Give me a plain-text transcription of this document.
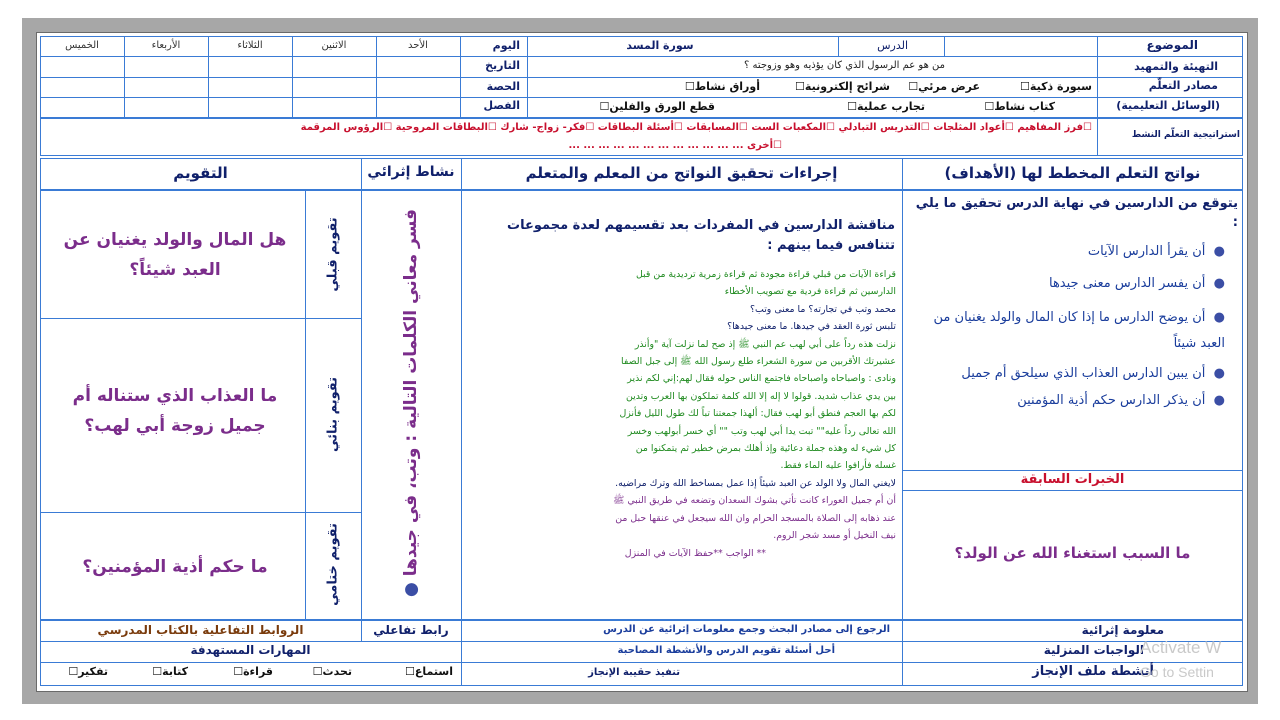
الموضوع
الدرس
سورة المسد
اليوم
الأحد
الاثنين
الثلاثاء
الأربعاء
الخميس
التهيئة والتمهيد
من هو عم الرسول الذي كان يؤذيه وهو وزوجته ؟
التاريخ
مصادر التعلّم
(الوسائل التعليمية)
الحصة
الفصل
☐ سبورة ذكية
☐ عرض مرئي
☐ شرائح إلكترونية
☐ أوراق نشاط
☐ كتاب نشاط
☐ تجارب عملية
☐ قطع الورق والفلين
استراتيجية التعلّم النشط
☐ فرز المفاهيم ☐ أعواد المثلجات ☐ التدريس التبادلي ☐ المكعبات الست ☐ المسابقات ☐ أسئلة البطاقات ☐ فكر- زواج- شارك ☐ البطاقات المروحية ☐ الرؤوس المرقمة
☐ أخرى ... ... ... ... ... ... ... ... ... ... ... ...
نواتج التعلم المخطط لها (الأهداف)
إجراءات تحقيق النواتج من المعلم والمتعلم
نشاط إثرائي
التقويم
يتوقع من الدارسين في نهاية الدرس تحقيق ما يلي :
●  أن يقرأ الدارس الآيات
●  أن يفسر الدارس معنى جيدها
●  أن يوضح الدارس ما إذا كان المال والولد يغنيان من العبد شيئاً
●  أن يبين الدارس العذاب الذي سيلحق أم جميل
●  أن يذكر الدارس حكم أذية المؤمنين
الخبرات السابقة
ما السبب استغناء الله عن الولد؟
مناقشة الدارسين في المفردات بعد تقسيمهم لعدة مجموعات تتنافس فيما بينهم :
قراءة الآيات من قبلي قراءة مجودة ثم قراءة زمرية ترديدية من قبل
الدارسين ثم قراءة فردية مع تصويب الأخطاء
محمد وتب في تجارته؟ ما معنى وتب؟
تلبس ثورة العقد في جيدها. ما معنى جيدها؟
نزلت هذه رداً على أبي لهب عم النبي ﷺ إذ صح لما نزلت آية "وأنذر
عشيرتك الأقربين من سورة الشعراء طلع رسول الله ﷺ إلى جبل الصفا
ونادى : واصباحاه واصباحاه فاجتمع الناس حوله فقال لهم:إني لكم نذير
بين يدي عذاب شديد. قولوا لا إله إلا الله كلمة تملكون بها العرب وتدين
لكم بها العجم فنطق أبو لهب فقال: ألهذا جمعتنا تباً لك طول الليل فأنزل
الله تعالى رداً عليه"" تبت يدا أبي لهب وتب "" أي خسر أبولهب وخسر
كل شيء له وهذه جملة دعائية وإذ أهلك بمرض خطير ثم يتمكنوا من
غسله فأرافوا عليه الماء فقط.
لايغني المال ولا الولد عن العبد شيئاً إذا عمل بمساخط الله وترك مراضيه.
أن أم جميل العوراء كانت تأتي بشوك السعدان وتضعه في طريق النبي ﷺ
عند ذهابه إلى الصلاة بالمسجد الحرام وان الله سيجعل في عنقها حبل من
نيف النخيل أو مسد شجر الروم.
** الواجب **حفظ الآيات في المنزل
● فسر معاني الكلمات التالية : وتب، في جيدها
تقويم قبلي
تقويم بنائي
تقويم ختامي
هل المال والولد يغنيان عن العبد شيئاً؟
ما العذاب الذي ستناله أم جميل زوجة أبي لهب؟
ما حكم أذية المؤمنين؟
معلومة إثرائية
الرجوع إلى مصادر البحث وجمع معلومات إثرائية عن الدرس
رابط تفاعلي
الروابط التفاعلية بالكتاب المدرسي
الواجبات المنزلية
أحل أسئلة تقويم الدرس والأنشطة المصاحبة
المهارات المستهدفة
أنشطة ملف الإنجاز
تنفيذ حقيبة الإنجاز
☐ استماع
☐ تحدث
☐ قراءة
☐ كتابة
☐ تفكير
Activate W
Go to Settin
